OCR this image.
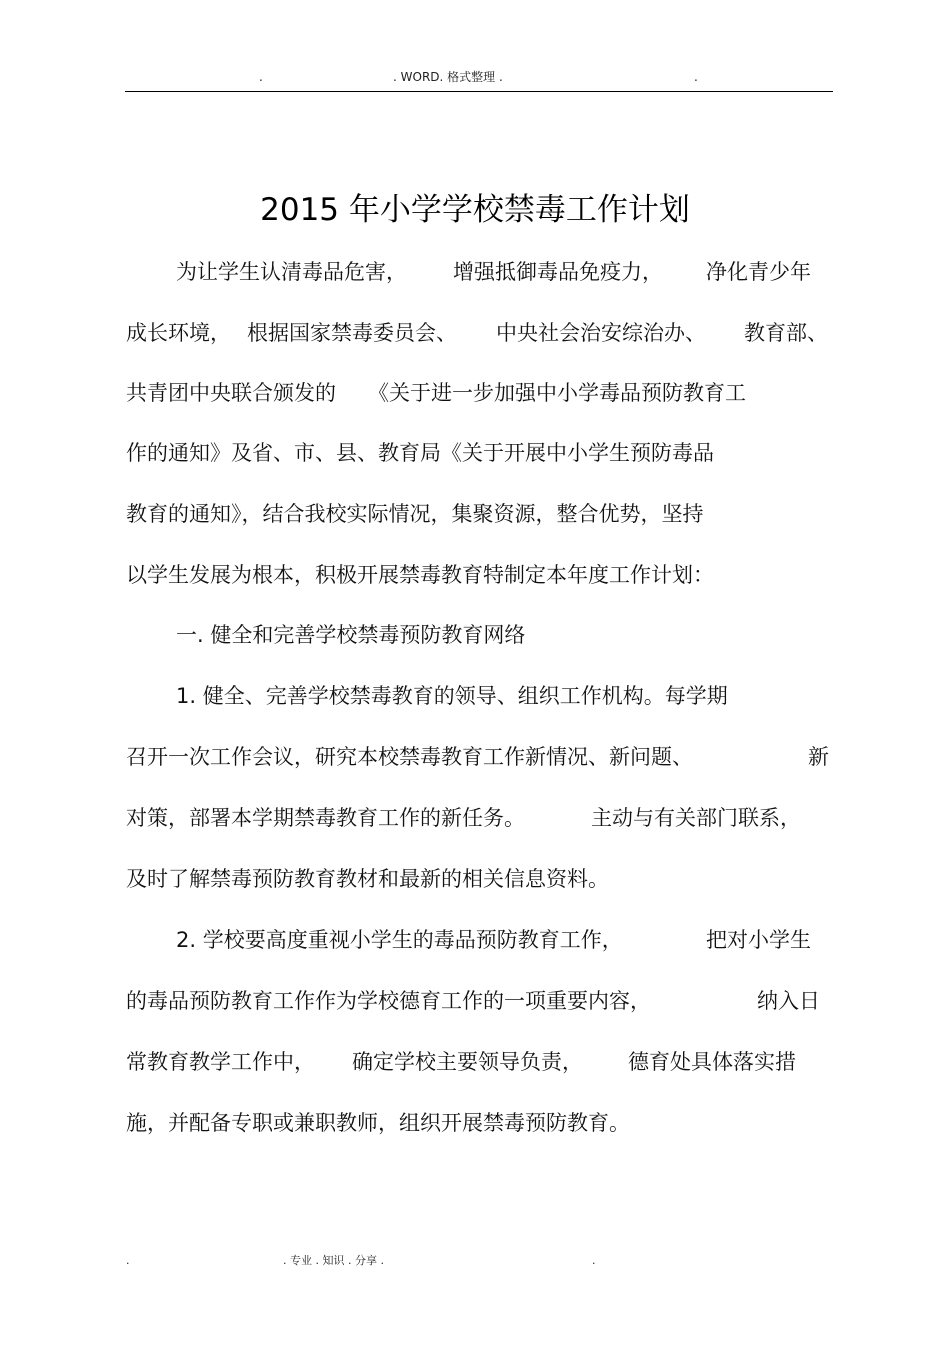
.	. WORD. 格式整理 .	.
2015 年小学学校禁毒工作计划
为让学生认清毒品危害， 增强抵御毒品免疫力， 净化青少年
成长环境， 根据国家禁毒委员会、 中央社会治安综治办、 教育部、
共青团中央联合颁发的 《关于进一步加强中小学毒品预防教育工
作的通知》及省、市、县、教育局《关于开展中小学生预防毒品
教育的通知》，结合我校实际情况，集聚资源，整合优势，坚持
以学生发展为根本，积极开展禁毒教育特制定本年度工作计划：
一. 健全和完善学校禁毒预防教育网络
1. 健全、完善学校禁毒教育的领导、组织工作机构。每学期
召开一次工作会议，研究本校禁毒教育工作新情况、新问题、	新
对策，部署本学期禁毒教育工作的新任务。	主动与有关部门联系，
及时了解禁毒预防教育教材和最新的相关信息资料。
2. 学校要高度重视小学生的毒品预防教育工作，	把对小学生
的毒品预防教育工作作为学校德育工作的一项重要内容，	纳入日
常教育教学工作中， 确定学校主要领导负责， 德育处具体落实措
施，并配备专职或兼职教师，组织开展禁毒预防教育。
.	. 专业 . 知识 . 分享 .	.
